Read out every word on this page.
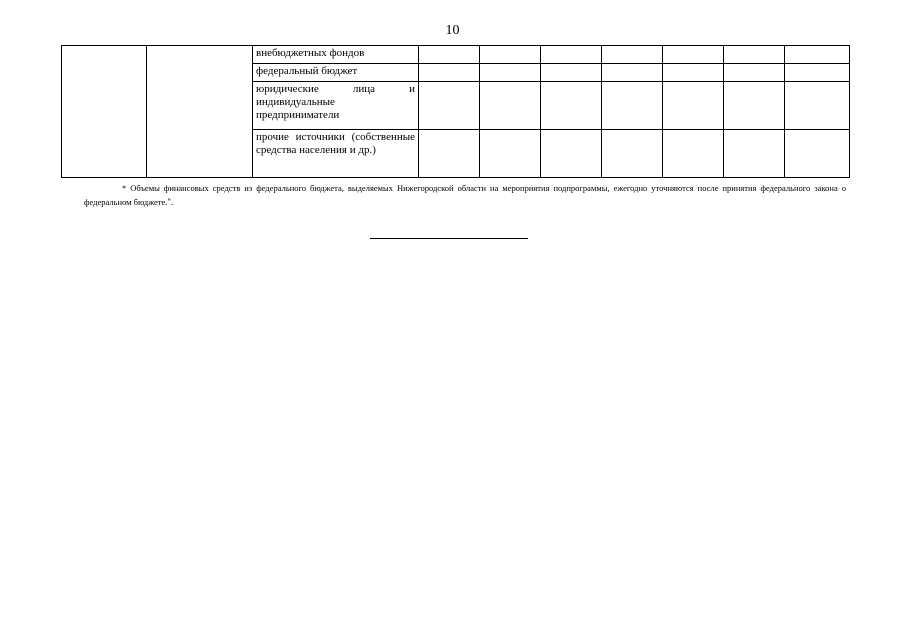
10
		внебюджетных фондов							
		федеральный бюджет							
		юридические лица и индивидуальные предприниматели							
		прочие источники (собственные средства населения и др.)							
* Объемы финансовых средств из федерального бюджета, выделяемых Нижегородской области на мероприятия подпрограммы, ежегодно уточняются после принятия федерального закона о федеральном бюджете.".
